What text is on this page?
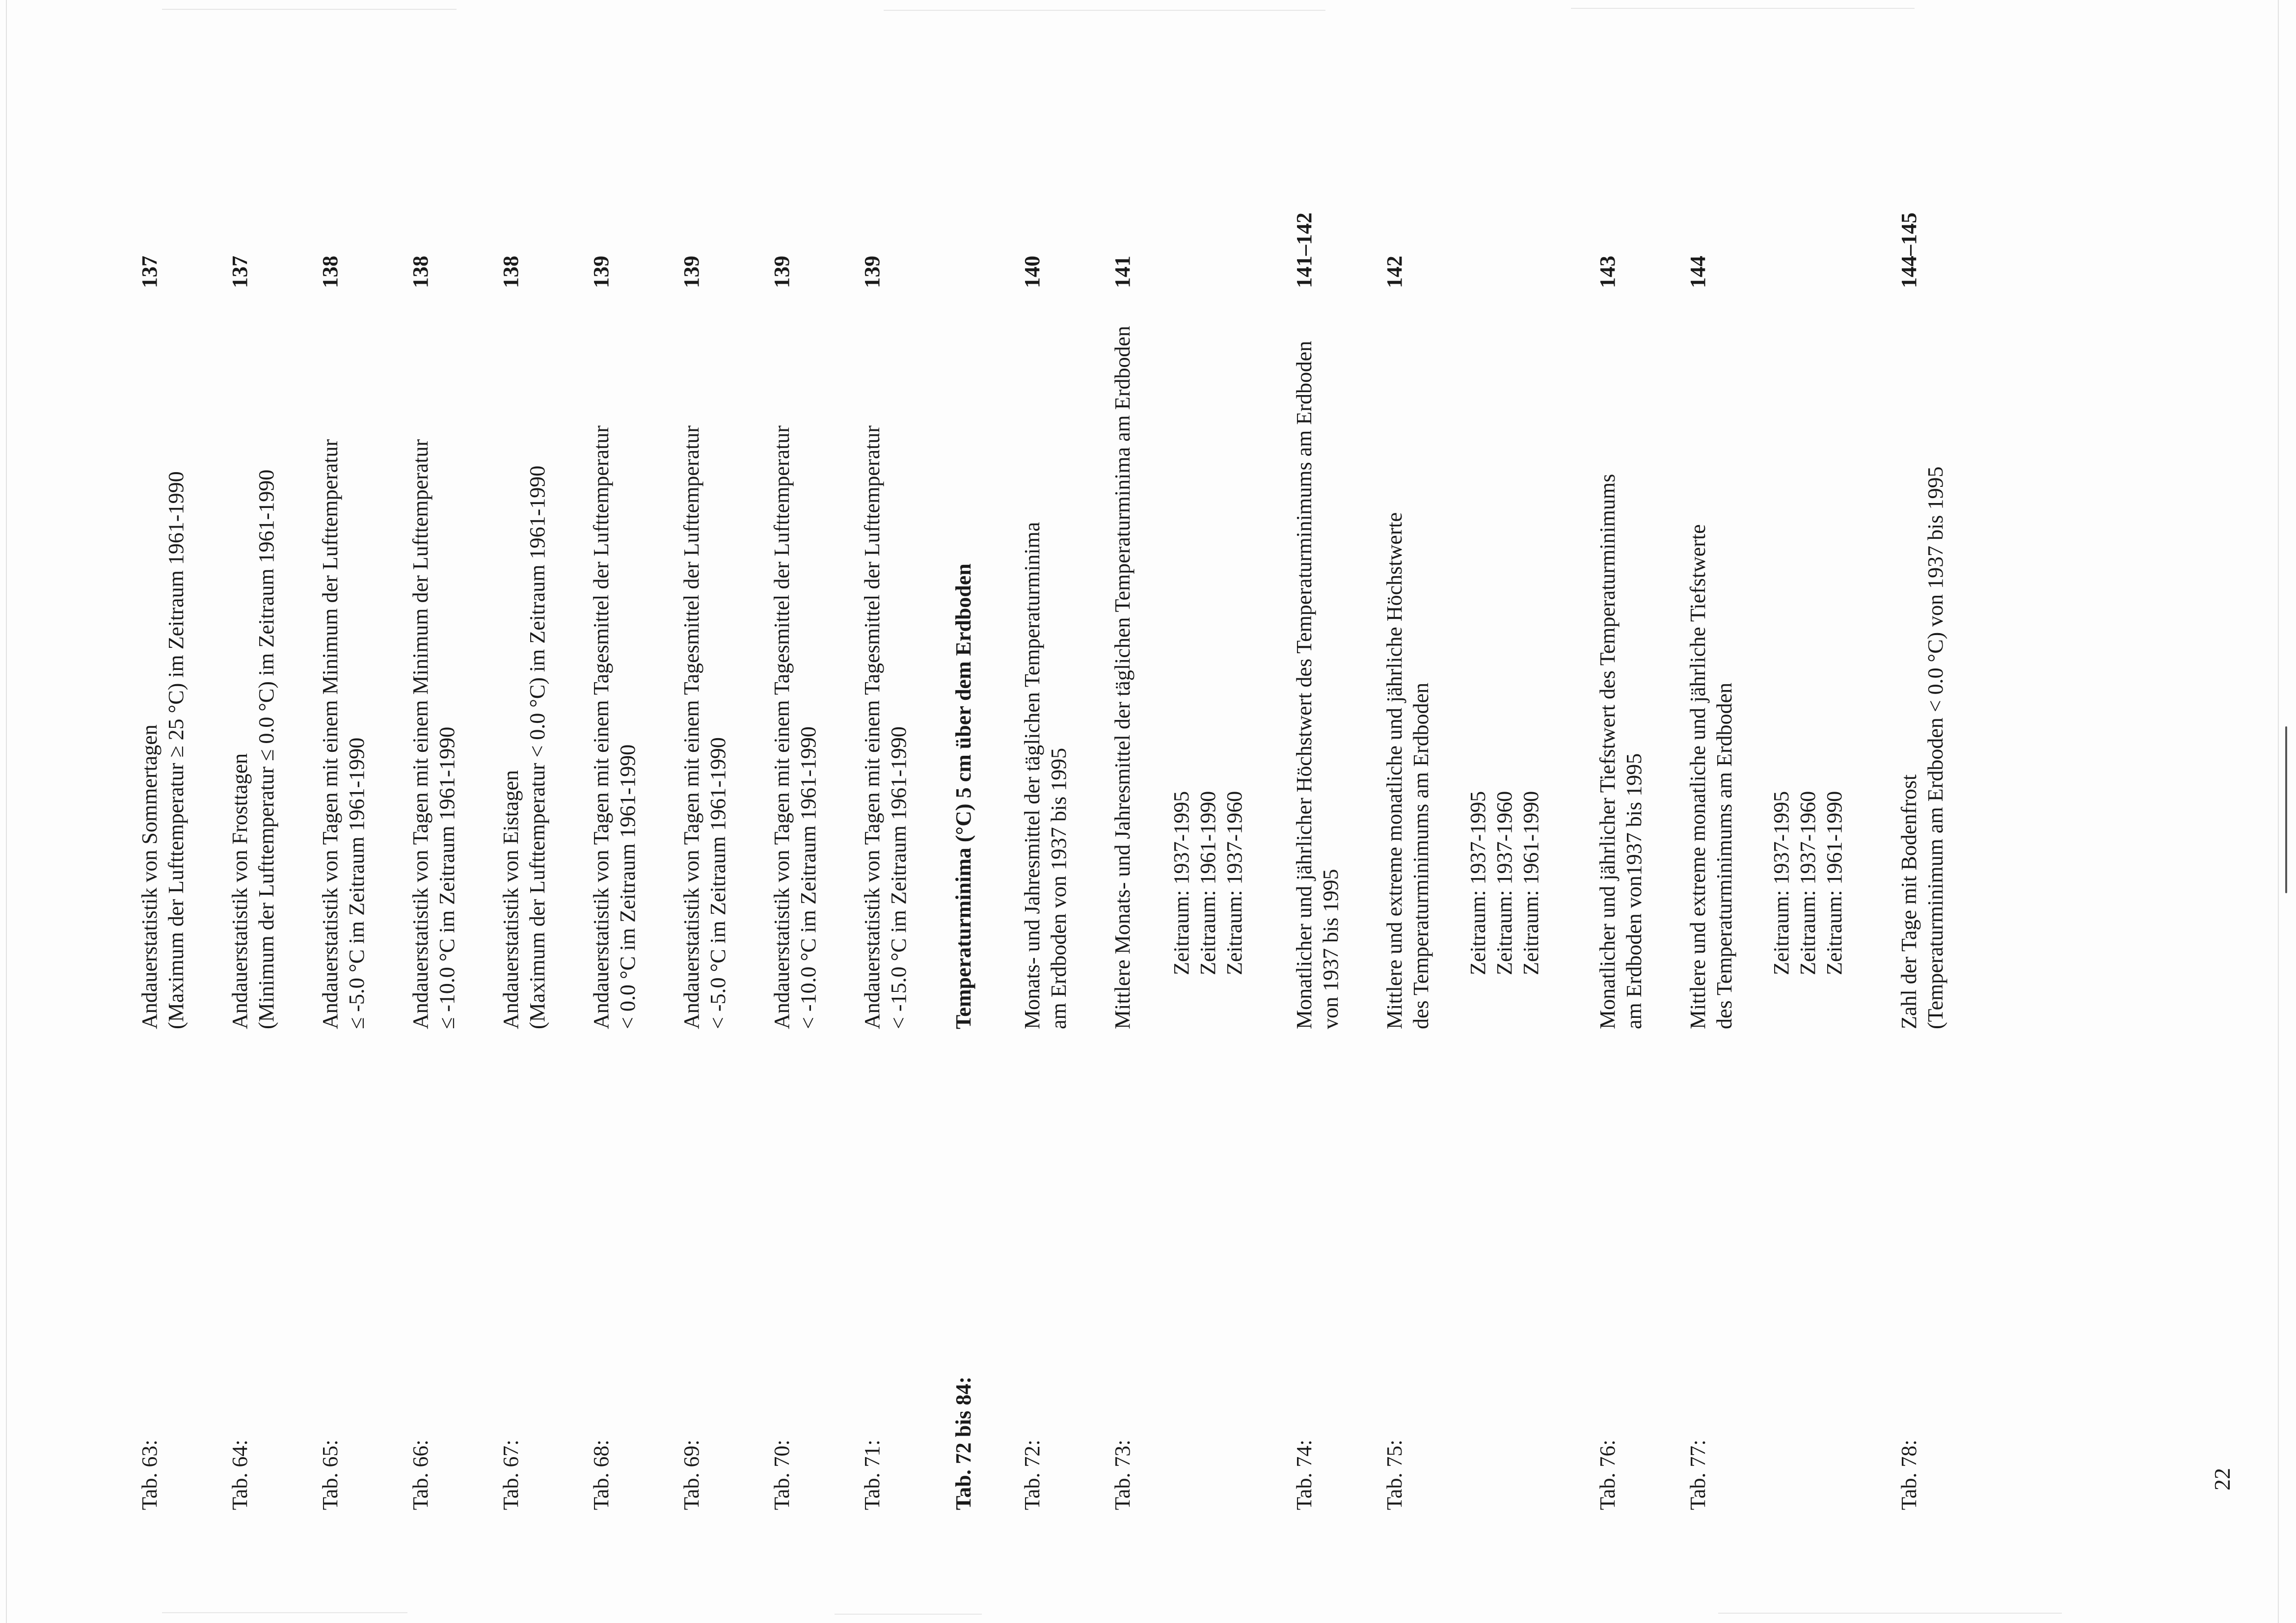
Tab. 63:
Andauerstatistik von Sommertagen (Maximum der Lufttemperatur ≥ 25 °C) im Zeitraum 1961-1990
137
Tab. 64:
Andauerstatistik von Frosttagen (Minimum der Lufttemperatur ≤ 0.0 °C) im Zeitraum 1961-1990
137
Tab. 65:
Andauerstatistik von Tagen mit einem Minimum der Lufttemperatur ≤ -5.0 °C im Zeitraum 1961-1990
138
Tab. 66:
Andauerstatistik von Tagen mit einem Minimum der Lufttemperatur ≤ -10.0 °C im Zeitraum 1961-1990
138
Tab. 67:
Andauerstatistik von Eistagen (Maximum der Lufttemperatur < 0.0 °C) im Zeitraum 1961-1990
138
Tab. 68:
Andauerstatistik von Tagen mit einem Tagesmittel der Lufttemperatur < 0.0 °C im Zeitraum 1961-1990
139
Tab. 69:
Andauerstatistik von Tagen mit einem Tagesmittel der Lufttemperatur < -5.0 °C im Zeitraum 1961-1990
139
Tab. 70:
Andauerstatistik von Tagen mit einem Tagesmittel der Lufttemperatur < -10.0 °C im Zeitraum 1961-1990
139
Tab. 71:
Andauerstatistik von Tagen mit einem Tagesmittel der Lufttemperatur < -15.0 °C im Zeitraum 1961-1990
139
Tab. 72 bis 84:
Temperaturminima (°C) 5 cm über dem Erdboden
Tab. 72:
Monats- und Jahresmittel der täglichen Temperaturminima am Erdboden von 1937 bis 1995
140
Tab. 73:
Mittlere Monats- und Jahresmittel der täglichen Temperaturminima am Erdboden
141
Zeitraum: 1937-1995 Zeitraum: 1961-1990 Zeitraum: 1937-1960
Tab. 74:
Monatlicher und jährlicher Höchstwert des Temperaturminimums am Erdboden von 1937 bis 1995
141–142
Tab. 75:
Mittlere und extreme monatliche und jährliche Höchstwerte des Temperaturminimums am Erdboden
142
Zeitraum: 1937-1995 Zeitraum: 1937-1960 Zeitraum: 1961-1990
Tab. 76:
Monatlicher und jährlicher Tiefstwert des Temperaturminimums am Erdboden von1937 bis 1995
143
Tab. 77:
Mittlere und extreme monatliche und jährliche Tiefstwerte des Temperaturminimums am Erdboden
144
Zeitraum: 1937-1995 Zeitraum: 1937-1960 Zeitraum: 1961-1990
Tab. 78:
Zahl der Tage mit Bodenfrost (Temperaturminimum am Erdboden < 0.0 °C) von 1937 bis 1995
144–145
22
